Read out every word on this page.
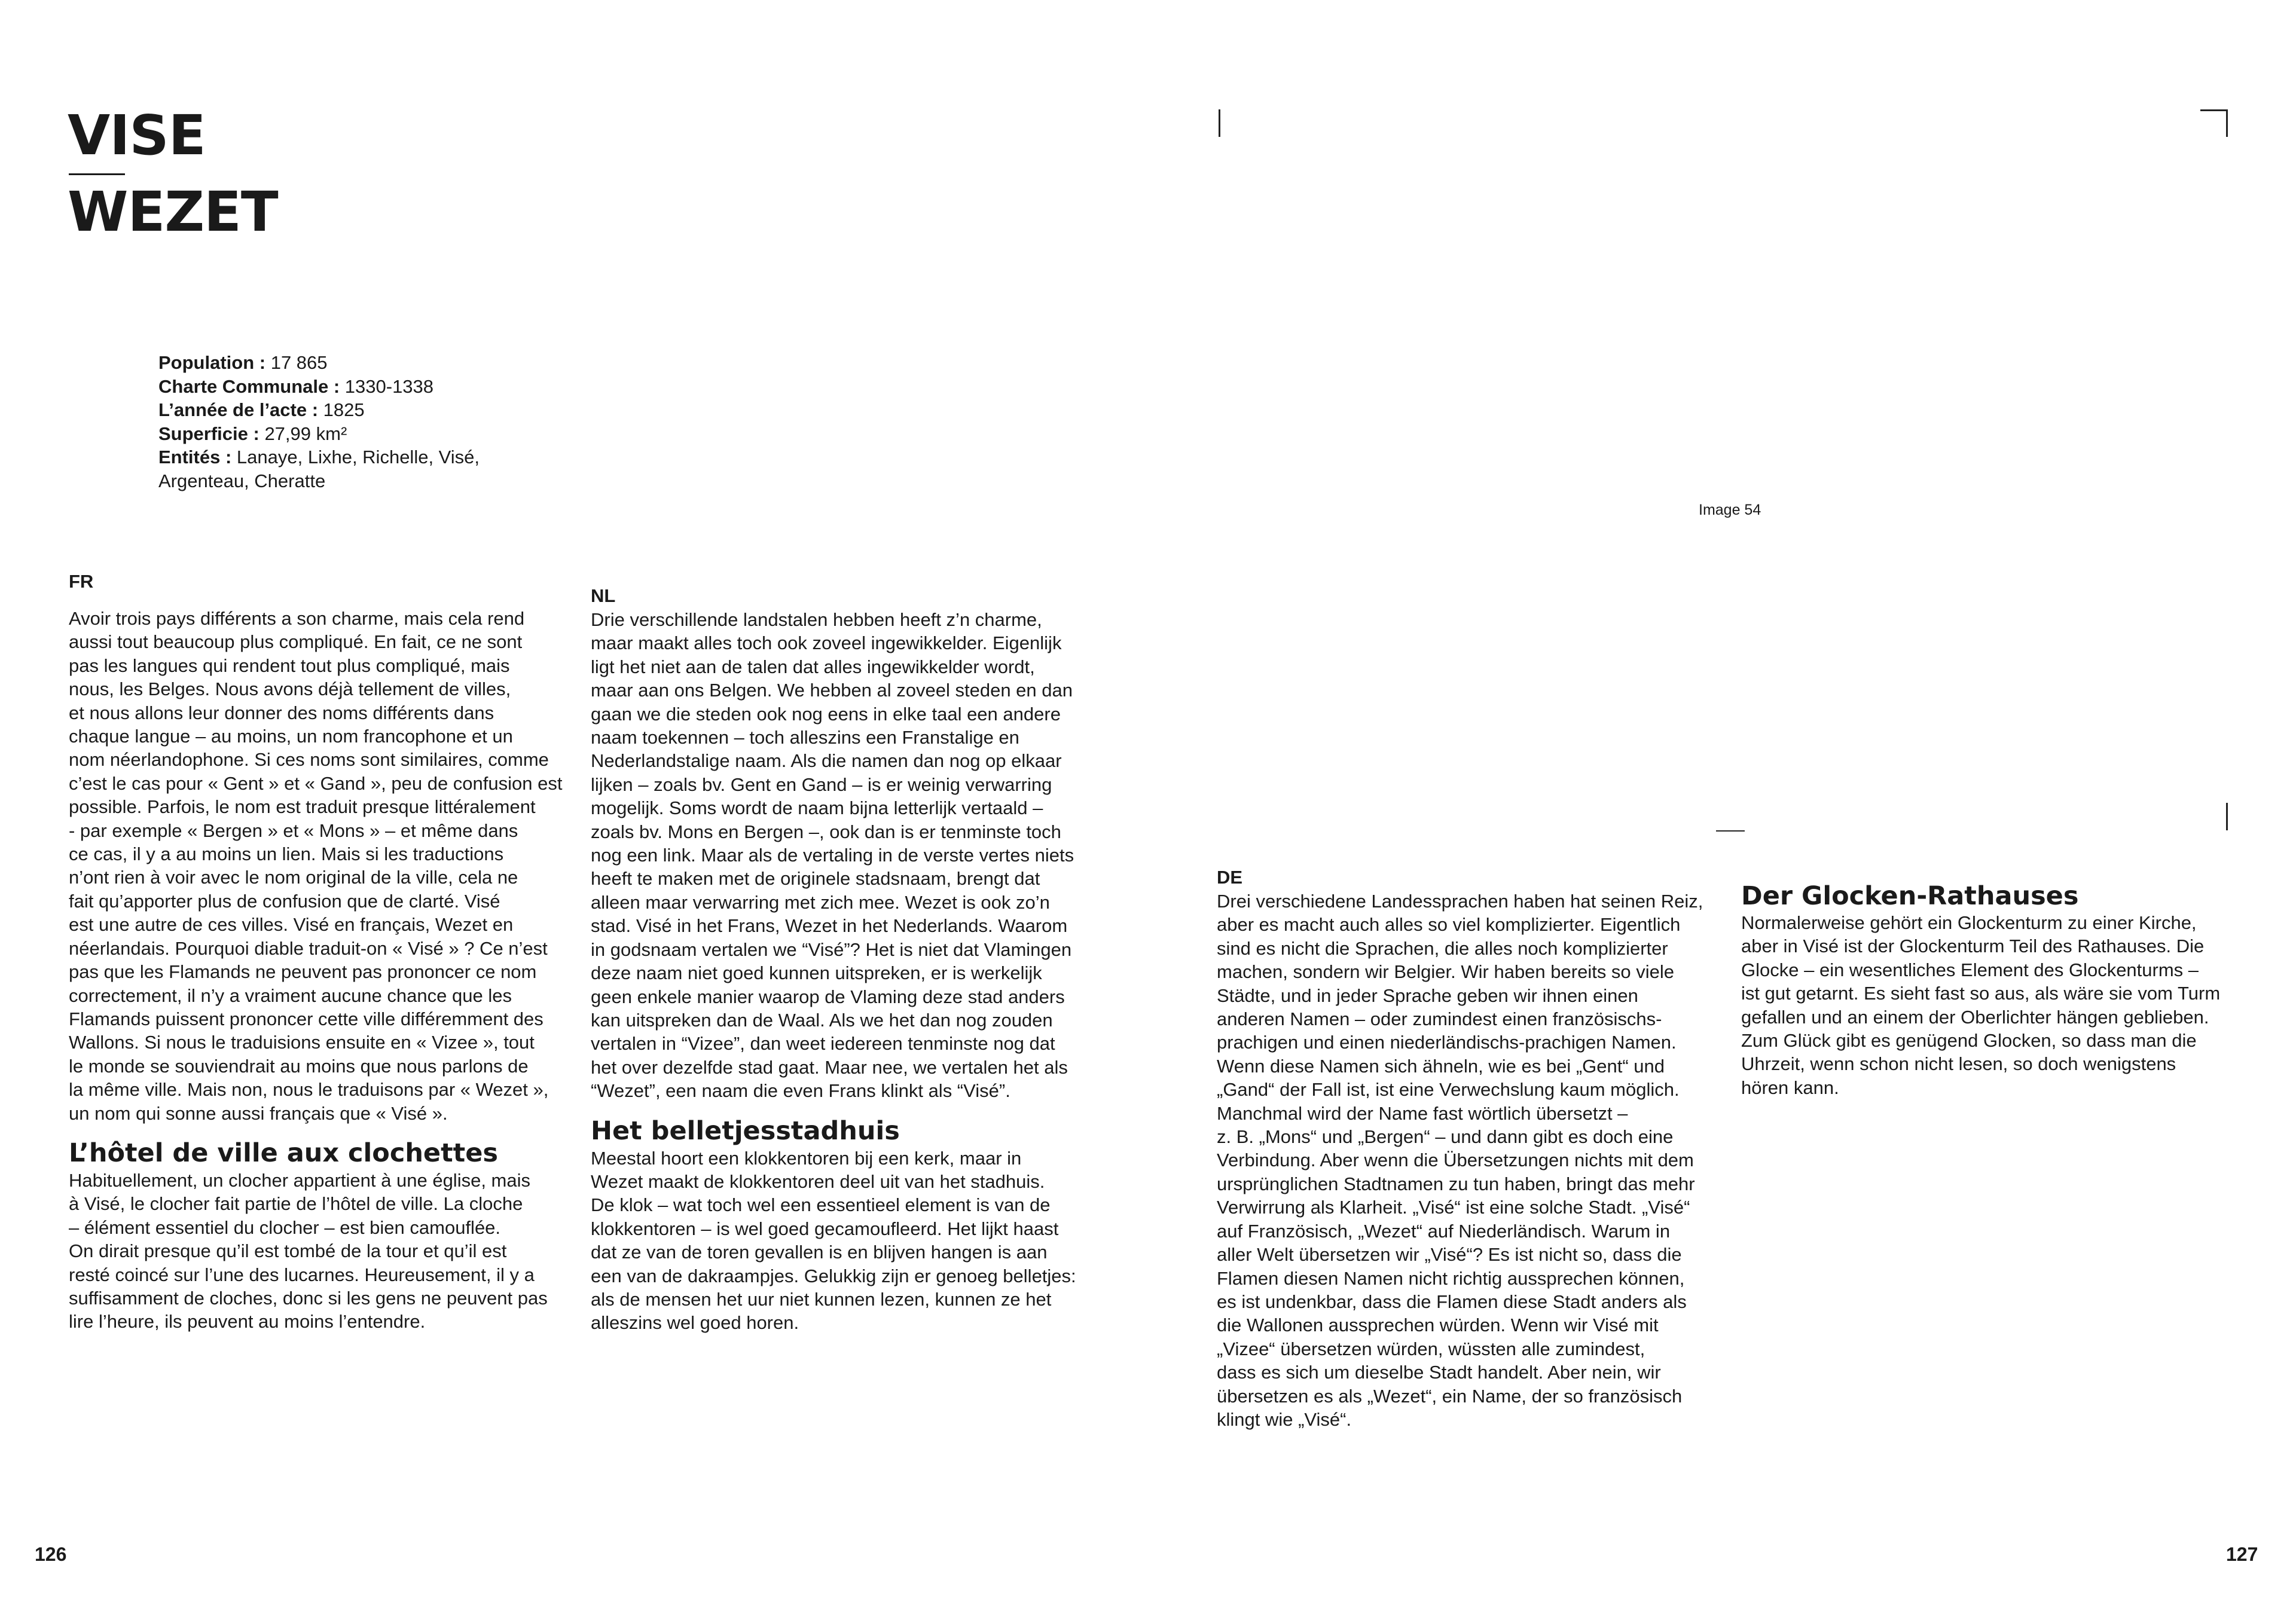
VISE
WEZET
Population : 17 865
Charte Communale : 1330-1338
L’année de l’acte : 1825
Superficie : 27,99 km²
Entités : Lanaye, Lixhe, Richelle, Visé,
Argenteau, Cheratte
FR
Avoir trois pays différents a son charme, mais cela rend
aussi tout beaucoup plus compliqué. En fait, ce ne sont
pas les langues qui rendent tout plus compliqué, mais
nous, les Belges. Nous avons déjà tellement de villes,
et nous allons leur donner des noms différents dans
chaque langue – au moins, un nom francophone et un
nom néerlandophone. Si ces noms sont similaires, comme
c’est le cas pour « Gent » et « Gand », peu de confusion est
possible. Parfois, le nom est traduit presque littéralement
- par exemple « Bergen » et « Mons » – et même dans
ce cas, il y a au moins un lien. Mais si les traductions
n’ont rien à voir avec le nom original de la ville, cela ne
fait qu’apporter plus de confusion que de clarté. Visé
est une autre de ces villes. Visé en français, Wezet en
néerlandais. Pourquoi diable traduit-on « Visé » ? Ce n’est
pas que les Flamands ne peuvent pas prononcer ce nom
correctement, il n’y a vraiment aucune chance que les
Flamands puissent prononcer cette ville différemment des
Wallons. Si nous le traduisions ensuite en « Vizee », tout
le monde se souviendrait au moins que nous parlons de
la même ville. Mais non, nous le traduisons par « Wezet »,
un nom qui sonne aussi français que « Visé ».
L’hôtel de ville aux clochettes
Habituellement, un clocher appartient à une église, mais
à Visé, le clocher fait partie de l’hôtel de ville. La cloche
– élément essentiel du clocher – est bien camouflée.
On dirait presque qu’il est tombé de la tour et qu’il est
resté coincé sur l’une des lucarnes. Heureusement, il y a
suffisamment de cloches, donc si les gens ne peuvent pas
lire l’heure, ils peuvent au moins l’entendre.
NL
Drie verschillende landstalen hebben heeft z’n charme,
maar maakt alles toch ook zoveel ingewikkelder. Eigenlijk
ligt het niet aan de talen dat alles ingewikkelder wordt,
maar aan ons Belgen. We hebben al zoveel steden en dan
gaan we die steden ook nog eens in elke taal een andere
naam toekennen – toch alleszins een Franstalige en
Nederlandstalige naam. Als die namen dan nog op elkaar
lijken – zoals bv. Gent en Gand – is er weinig verwarring
mogelijk. Soms wordt de naam bijna letterlijk vertaald –
zoals bv. Mons en Bergen –, ook dan is er tenminste toch
nog een link. Maar als de vertaling in de verste vertes niets
heeft te maken met de originele stadsnaam, brengt dat
alleen maar verwarring met zich mee. Wezet is ook zo’n
stad. Visé in het Frans, Wezet in het Nederlands. Waarom
in godsnaam vertalen we “Visé”? Het is niet dat Vlamingen
deze naam niet goed kunnen uitspreken, er is werkelijk
geen enkele manier waarop de Vlaming deze stad anders
kan uitspreken dan de Waal. Als we het dan nog zouden
vertalen in “Vizee”, dan weet iedereen tenminste nog dat
het over dezelfde stad gaat. Maar nee, we vertalen het als
“Wezet”, een naam die even Frans klinkt als “Visé”.
Het belletjesstadhuis
Meestal hoort een klokkentoren bij een kerk, maar in
Wezet maakt de klokkentoren deel uit van het stadhuis.
De klok – wat toch wel een essentieel element is van de
klokkentoren – is wel goed gecamoufleerd. Het lijkt haast
dat ze van de toren gevallen is en blijven hangen is aan
een van de dakraampjes. Gelukkig zijn er genoeg belletjes:
als de mensen het uur niet kunnen lezen, kunnen ze het
alleszins wel goed horen.
126
Image 54
DE
Drei verschiedene Landessprachen haben hat seinen Reiz,
aber es macht auch alles so viel komplizierter. Eigentlich
sind es nicht die Sprachen, die alles noch komplizierter
machen, sondern wir Belgier. Wir haben bereits so viele
Städte, und in jeder Sprache geben wir ihnen einen
anderen Namen – oder zumindest einen französischs-
prachigen und einen niederländischs-prachigen Namen.
Wenn diese Namen sich ähneln, wie es bei „Gent“ und
„Gand“ der Fall ist, ist eine Verwechslung kaum möglich.
Manchmal wird der Name fast wörtlich übersetzt –
z. B. „Mons“ und „Bergen“ – und dann gibt es doch eine
Verbindung. Aber wenn die Übersetzungen nichts mit dem
ursprünglichen Stadtnamen zu tun haben, bringt das mehr
Verwirrung als Klarheit. „Visé“ ist eine solche Stadt. „Visé“
auf Französisch, „Wezet“ auf Niederländisch. Warum in
aller Welt übersetzen wir „Visé“? Es ist nicht so, dass die
Flamen diesen Namen nicht richtig aussprechen können,
es ist undenkbar, dass die Flamen diese Stadt anders als
die Wallonen aussprechen würden. Wenn wir Visé mit
„Vizee“ übersetzen würden, wüssten alle zumindest,
dass es sich um dieselbe Stadt handelt. Aber nein, wir
übersetzen es als „Wezet“, ein Name, der so französisch
klingt wie „Visé“.
Der Glocken-Rathauses
Normalerweise gehört ein Glockenturm zu einer Kirche,
aber in Visé ist der Glockenturm Teil des Rathauses. Die
Glocke – ein wesentliches Element des Glockenturms –
ist gut getarnt. Es sieht fast so aus, als wäre sie vom Turm
gefallen und an einem der Oberlichter hängen geblieben.
Zum Glück gibt es genügend Glocken, so dass man die
Uhrzeit, wenn schon nicht lesen, so doch wenigstens
hören kann.
127
